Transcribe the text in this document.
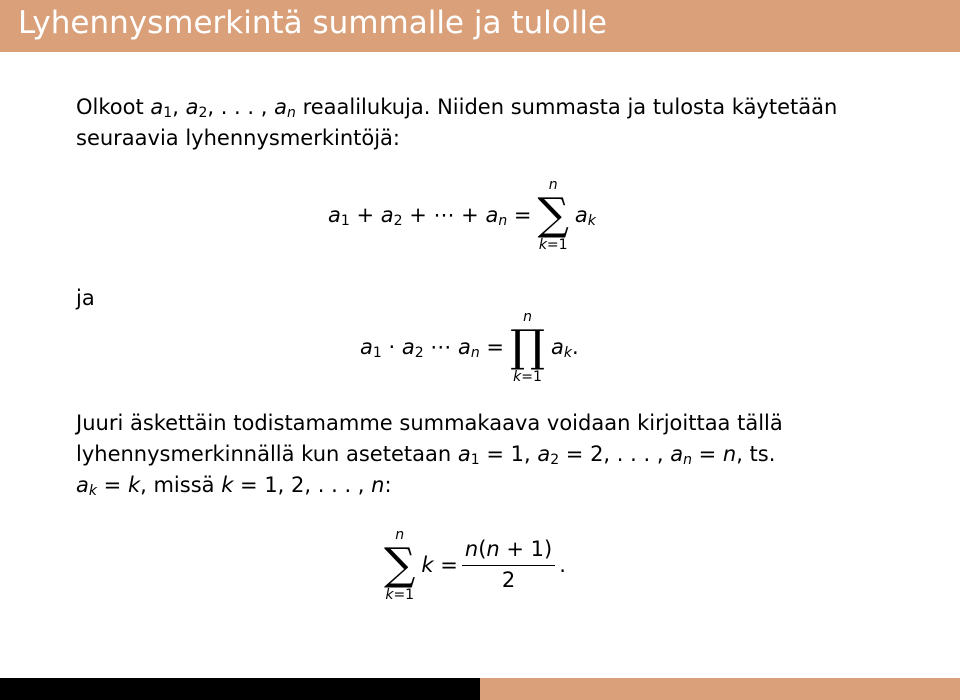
Lyhennysmerkintä summalle ja tulolle

Olkoot $a_1$, $a_2$, . . . , $a_n$ reaalilukuja. Niiden summasta ja tulosta käytetään
seuraavia lyhennysmerkintöjä:

$a_1 + a_2$ + ⋯ + $a_n$ =
n
∑
k=1
$a_k$
ja
$a_1 \cdot a_2$ ⋯ $a_n$ =
n
∏
k=1
$a_k$.

Juuri äskettäin todistamamme summakaava voidaan kirjoittaa tällä
lyhennysmerkinnällä kun asetetaan $a_1 = 1$, $a_2 = 2$, . . . , $a_n = n$, ts.
$a_k = k$, missä k = 1, 2, . . . , n:

n
∑
k=1
$k = \frac{n(n + 1)}{2}$ .
